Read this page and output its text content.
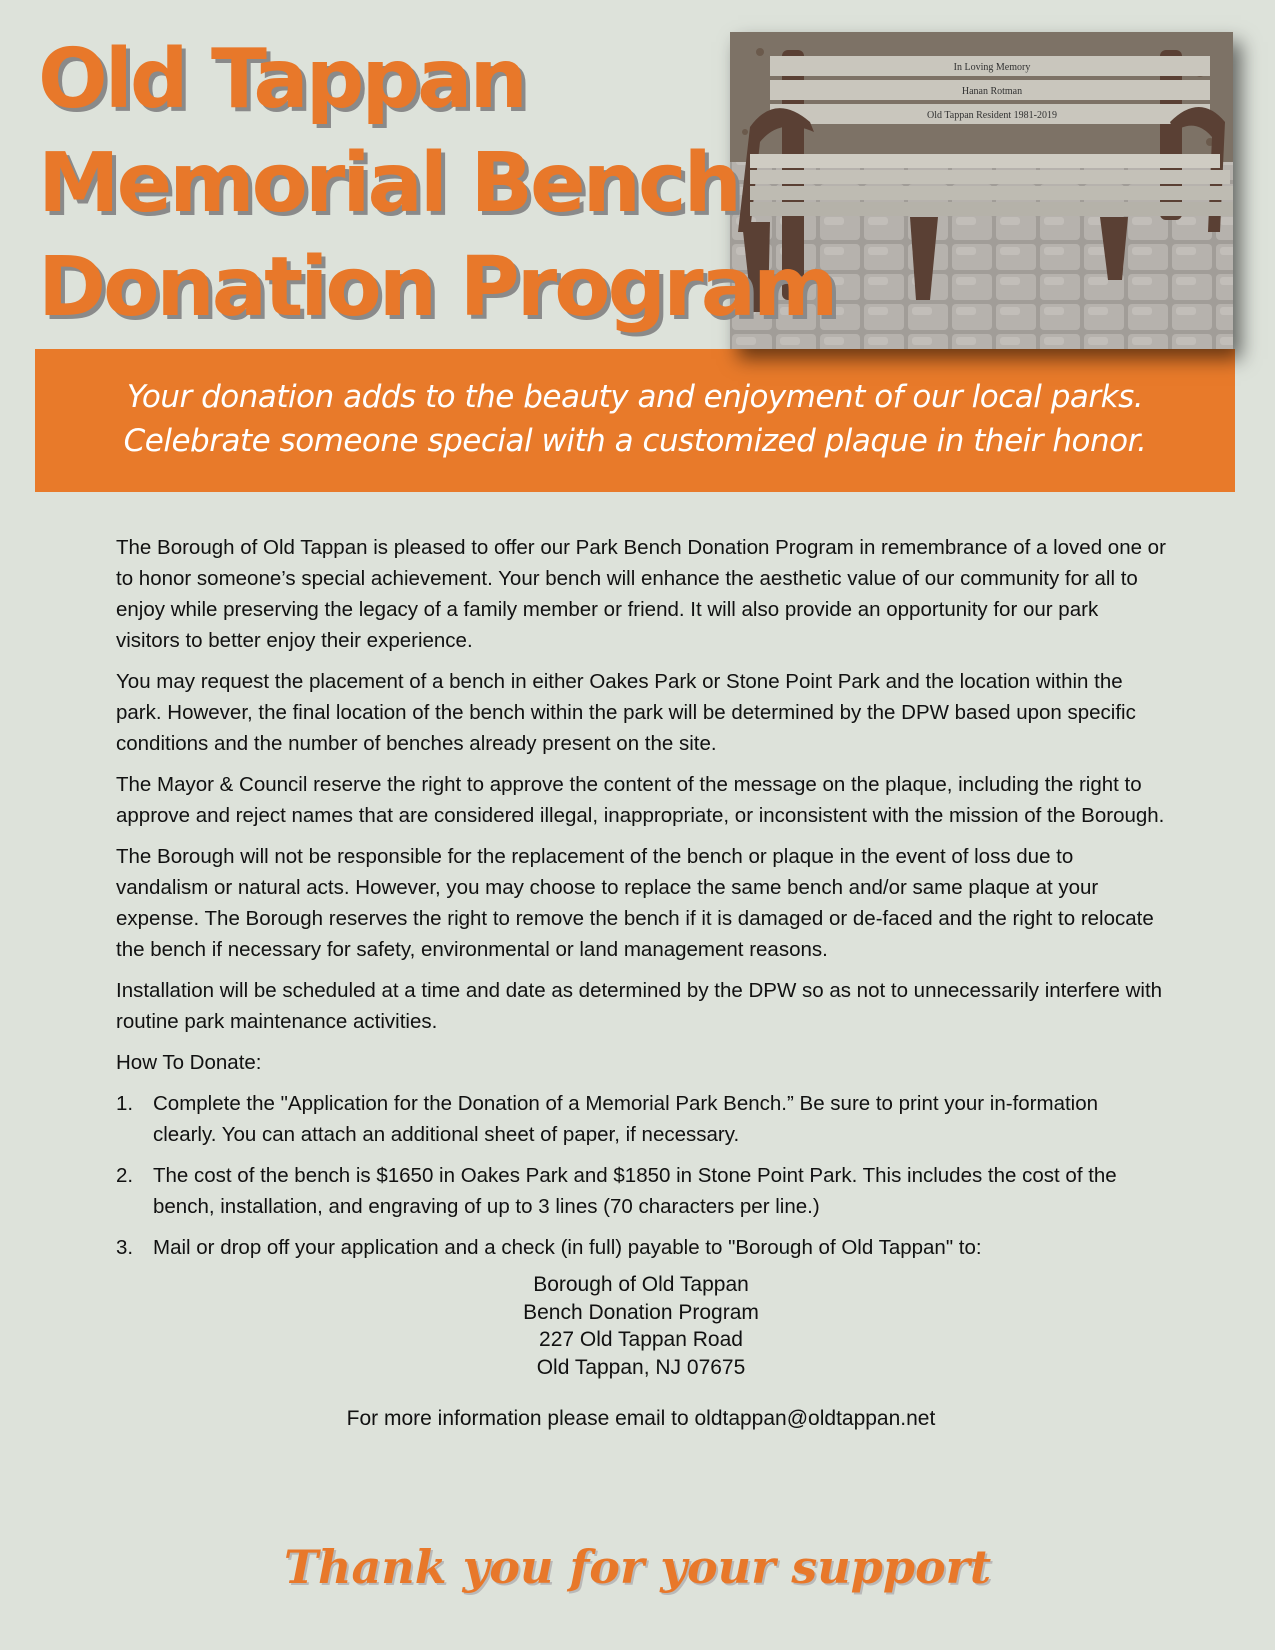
Old Tappan
Memorial Bench
Donation Program
In Loving Memory
Hanan Rotman
Old Tappan Resident 1981-2019

Your donation adds to the beauty and enjoyment of our local parks.
Celebrate someone special with a customized plaque in their honor.

The Borough of Old Tappan is pleased to offer our Park Bench Donation Program in remembrance of a loved one or to honor someone’s special achievement. Your bench will enhance the aesthetic value of our community for all to enjoy while preserving the legacy of a family member or friend. It will also provide an opportunity for our park visitors to better enjoy their experience.

You may request the placement of a bench in either Oakes Park or Stone Point Park and the location within the park. However, the final location of the bench within the park will be determined by the DPW based upon specific conditions and the number of benches already present on the site.

The Mayor & Council reserve the right to approve the content of the message on the plaque, including the right to approve and reject names that are considered illegal, inappropriate, or inconsistent with the mission of the Borough.

The Borough will not be responsible for the replacement of the bench or plaque in the event of loss due to vandalism or natural acts. However, you may choose to replace the same bench and/or same plaque at your expense. The Borough reserves the right to remove the bench if it is damaged or de-faced and the right to relocate the bench if necessary for safety, environmental or land management reasons.

Installation will be scheduled at a time and date as determined by the DPW so as not to unnecessarily interfere with routine park maintenance activities.

How To Donate:

1. Complete the "Application for the Donation of a Memorial Park Bench.” Be sure to print your in-formation clearly. You can attach an additional sheet of paper, if necessary.
2. The cost of the bench is $1650 in Oakes Park and $1850 in Stone Point Park. This includes the cost of the bench, installation, and engraving of up to 3 lines (70 characters per line.)
3. Mail or drop off your application and a check (in full) payable to "Borough of Old Tappan" to:
Borough of Old Tappan
Bench Donation Program
227 Old Tappan Road
Old Tappan, NJ 07675
For more information please email to oldtappan@oldtappan.net
Thank you for your support
